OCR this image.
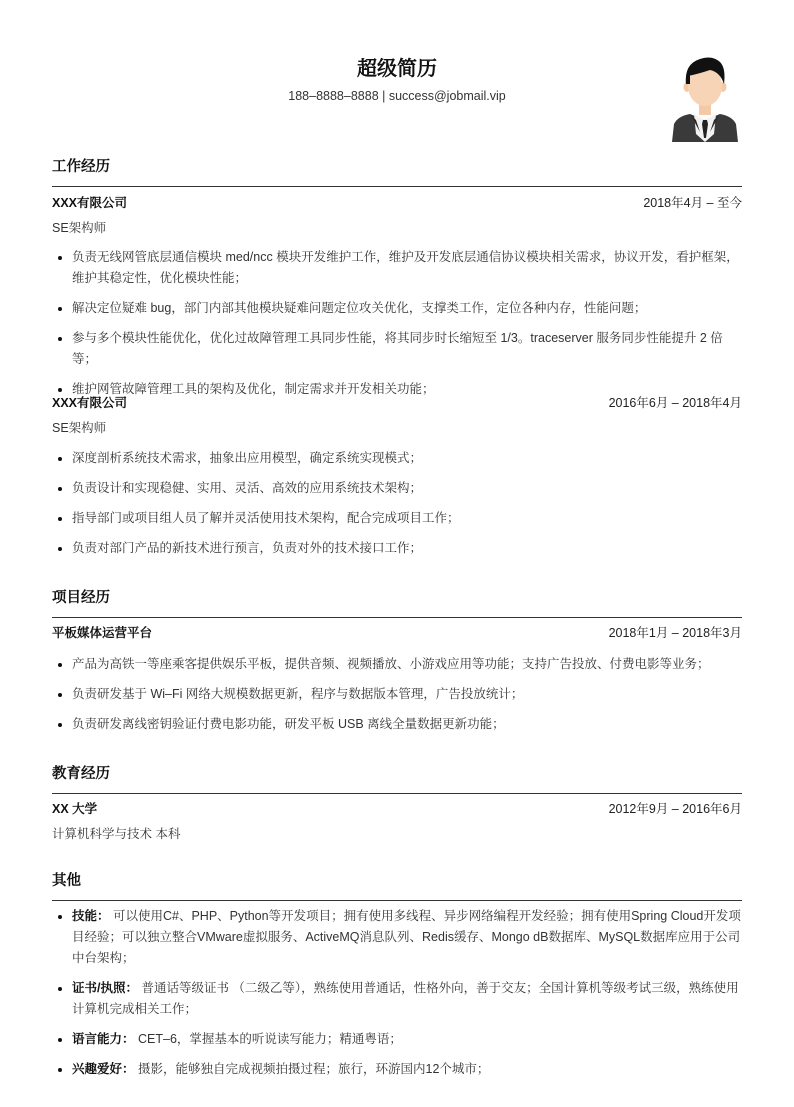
超级简历
188–8888–8888 | success@jobmail.vip
工作经历
XXX有限公司	2018年4月 – 至今
SE架构师
• 负责无线网管底层通信模块 med/ncc 模块开发维护工作，维护及开发底层通信协议模块相关需求，协议开发，看护框架，维护其稳定性，优化模块性能；
• 解决定位疑难 bug，部门内部其他模块疑难问题定位攻关优化，支撑类工作，定位各种内存，性能问题；
• 参与多个模块性能优化，优化过故障管理工具同步性能，将其同步时长缩短至 1/3。traceserver 服务同步性能提升 2 倍等；
• 维护网管故障管理工具的架构及优化，制定需求并开发相关功能；
XXX有限公司	2016年6月 – 2018年4月
SE架构师
• 深度剖析系统技术需求，抽象出应用模型，确定系统实现模式；
• 负责设计和实现稳健、实用、灵活、高效的应用系统技术架构；
• 指导部门或项目组人员了解并灵活使用技术架构，配合完成项目工作；
• 负责对部门产品的新技术进行预言，负责对外的技术接口工作；
项目经历
平板媒体运营平台	2018年1月 – 2018年3月
• 产品为高铁一等座乘客提供娱乐平板，提供音频、视频播放、小游戏应用等功能；支持广告投放、付费电影等业务；
• 负责研发基于 Wi–Fi 网络大规模数据更新，程序与数据版本管理，广告投放统计；
• 负责研发离线密钥验证付费电影功能，研发平板 USB 离线全量数据更新功能；
教育经历
XX 大学	2012年9月 – 2016年6月
计算机科学与技术 本科
其他
• 技能： 可以使用C#、PHP、Python等开发项目；拥有使用多线程、异步网络编程开发经验；拥有使用Spring Cloud开发项目经验；可以独立整合VMware虚拟服务、ActiveMQ消息队列、Redis缓存、Mongo dB数据库、MySQL数据库应用于公司中台架构；
• 证书/执照： 普通话等级证书 （二级乙等），熟练使用普通话，性格外向，善于交友；全国计算机等级考试三级，熟练使用计算机完成相关工作；
• 语言能力： CET–6，掌握基本的听说读写能力；精通粤语；
• 兴趣爱好： 摄影，能够独自完成视频拍摄过程；旅行，环游国内12个城市；
